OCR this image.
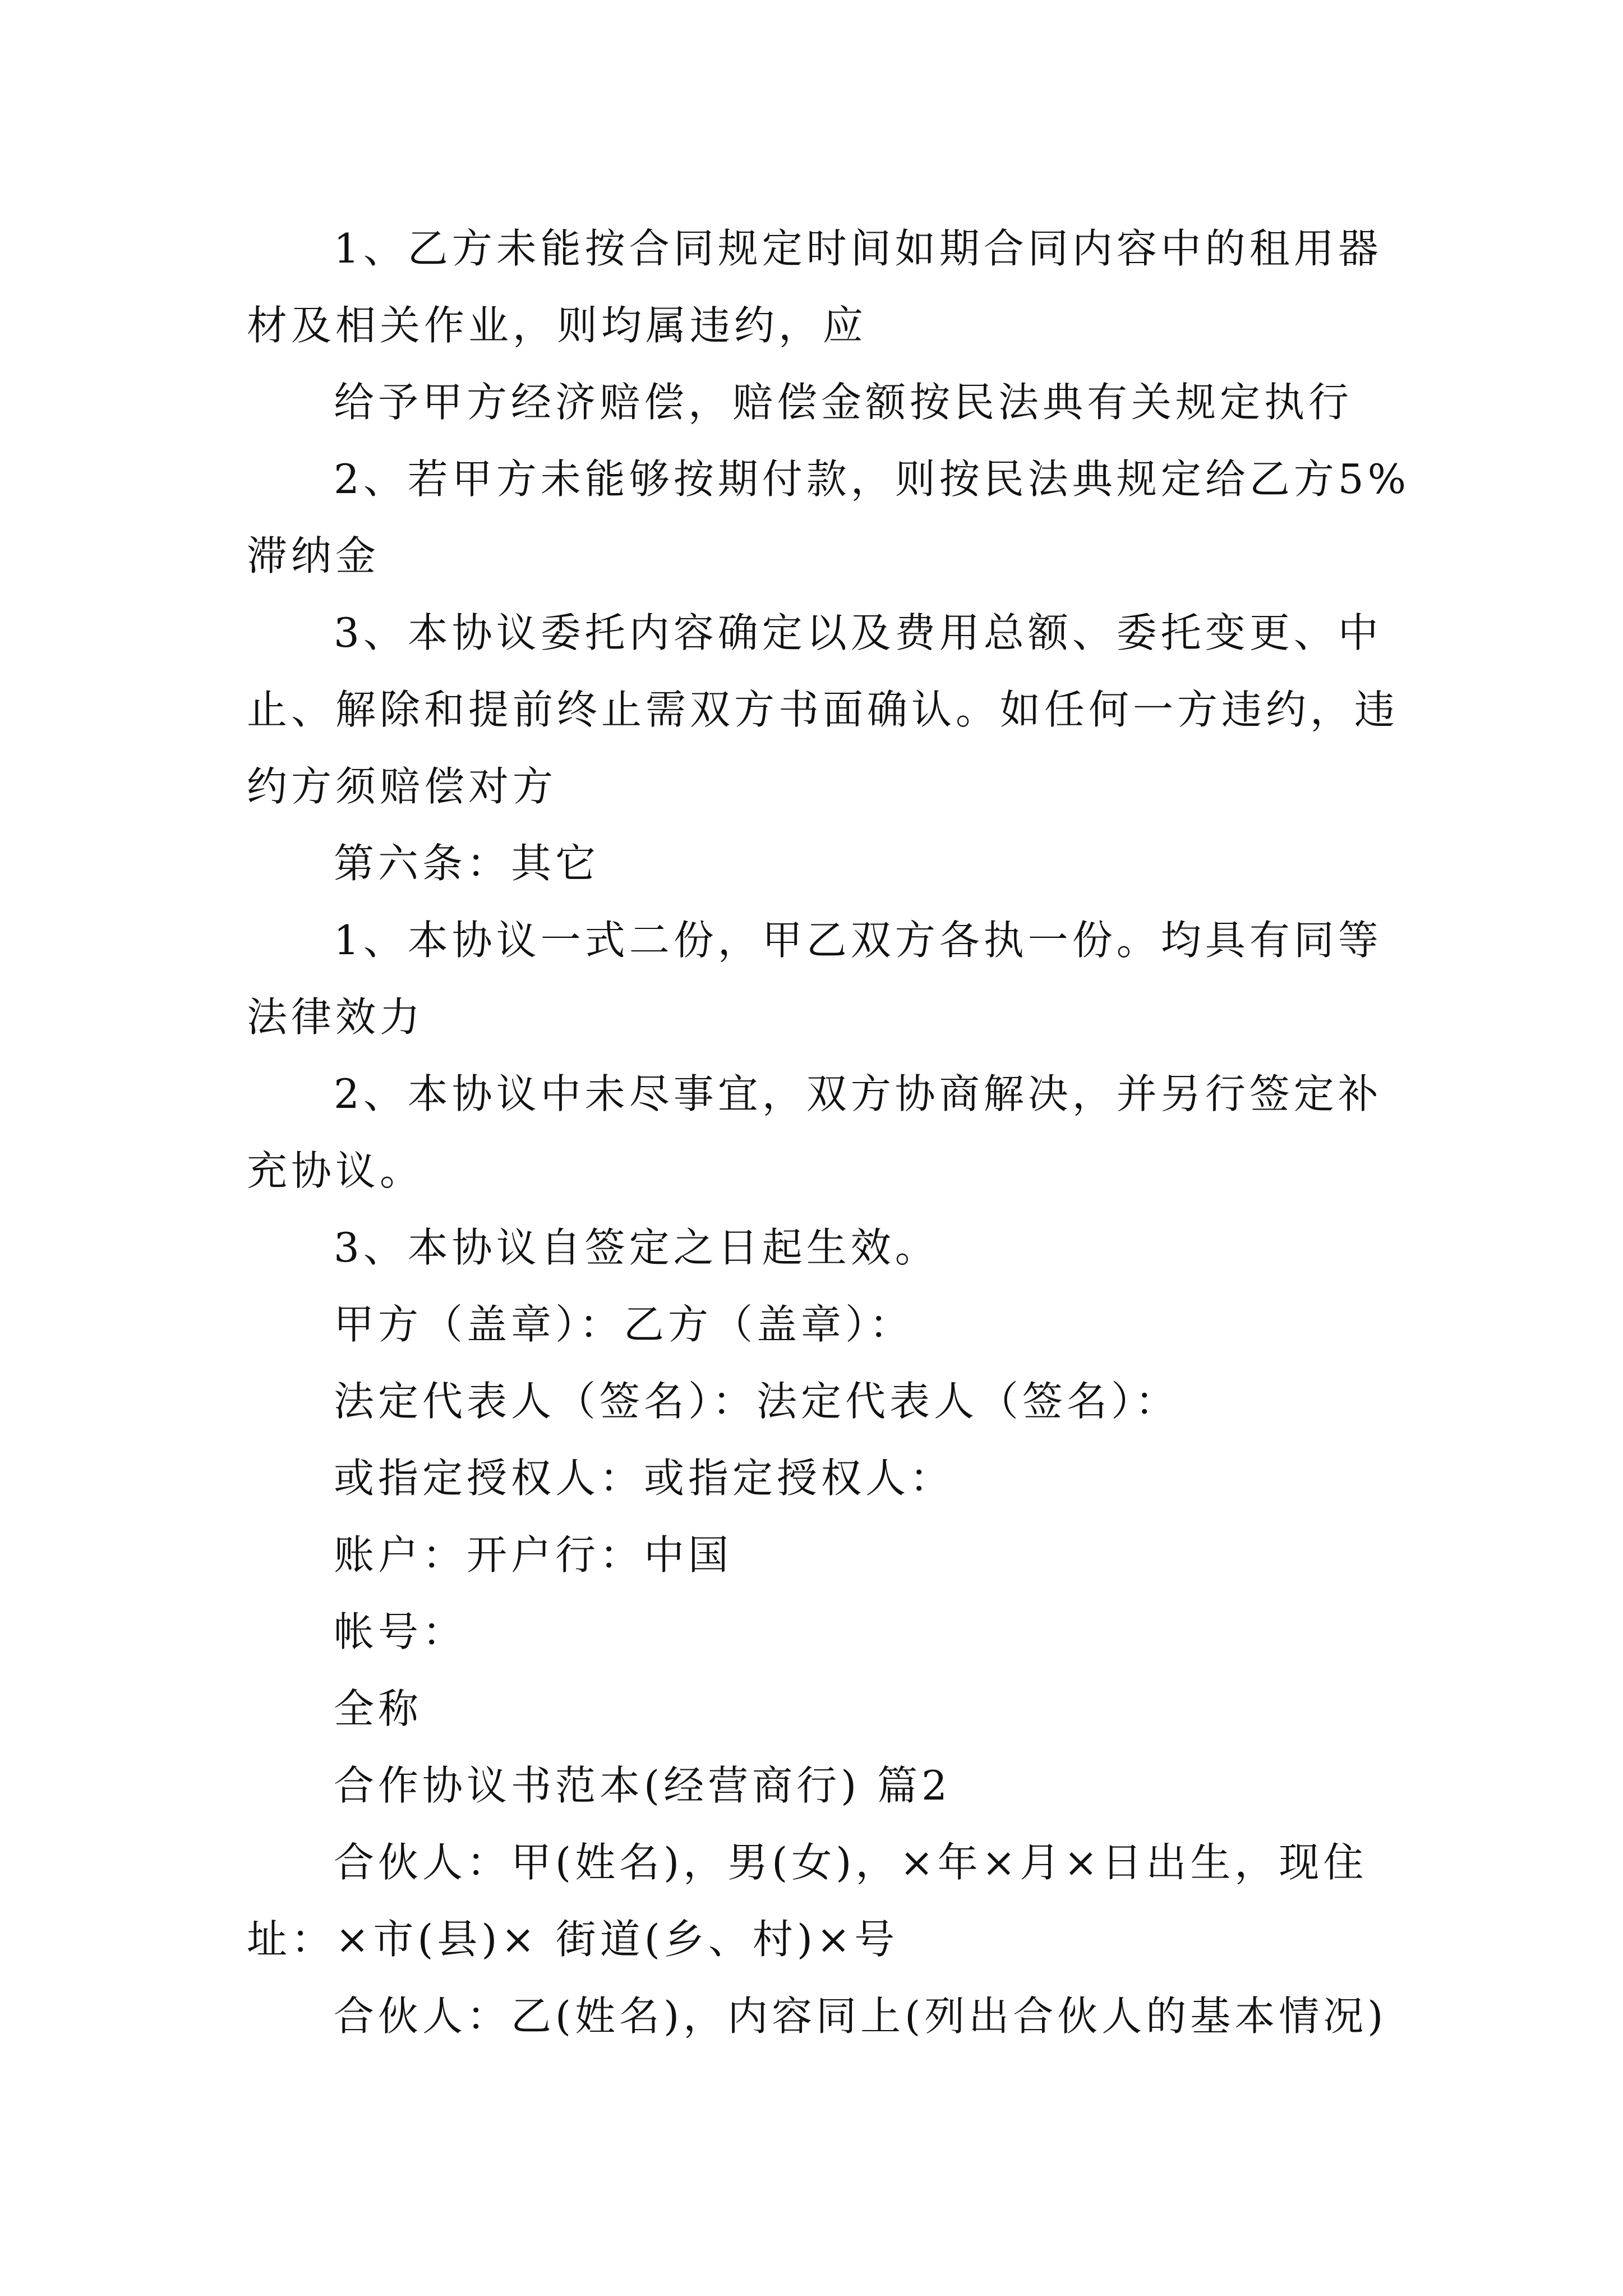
1、乙方未能按合同规定时间如期合同内容中的租用器

材及相关作业，则均属违约，应

给予甲方经济赔偿，赔偿金额按民法典有关规定执行

2、若甲方未能够按期付款，则按民法典规定给乙方5%

滞纳金

3、本协议委托内容确定以及费用总额、委托变更、中

止、解除和提前终止需双方书面确认。如任何一方违约，违

约方须赔偿对方

第六条：其它

1、本协议一式二份，甲乙双方各执一份。均具有同等

法律效力

2、本协议中未尽事宜，双方协商解决，并另行签定补

充协议。

3、本协议自签定之日起生效。

甲方（盖章）：乙方（盖章）：

法定代表人（签名）：法定代表人（签名）：

或指定授权人：或指定授权人：

账户：开户行：中国

帐号：

全称

合作协议书范本(经营商行) 篇2

合伙人：甲(姓名)，男(女)，×年×月×日出生，现住

址：×市(县)× 街道(乡、村)×号

合伙人：乙(姓名)，内容同上(列出合伙人的基本情况)
